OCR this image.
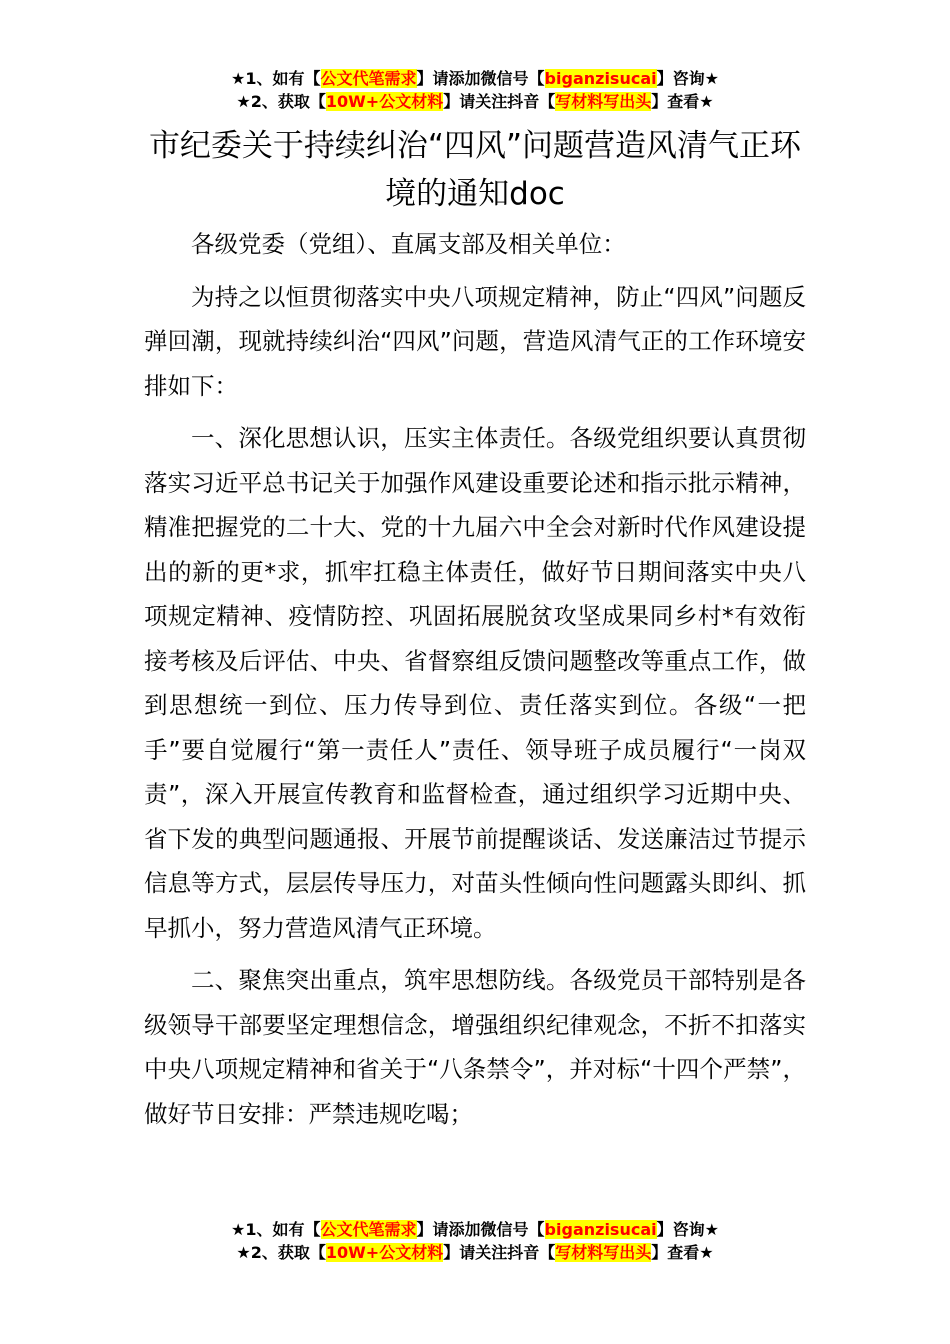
★1、如有【公文代笔需求】请添加微信号【biganzisucai】咨询★
★2、获取【10W+公文材料】请关注抖音【写材料写出头】查看★
市纪委关于持续纠治“四风”问题营造风清气正环境的通知doc

各级党委（党组）、直属支部及相关单位：

为持之以恒贯彻落实中央八项规定精神，防止“四风”问题反弹回潮，现就持续纠治“四风”问题，营造风清气正的工作环境安排如下：

一、深化思想认识，压实主体责任。各级党组织要认真贯彻落实习近平总书记关于加强作风建设重要论述和指示批示精神，精准把握党的二十大、党的十九届六中全会对新时代作风建设提出的新的更*求，抓牢扛稳主体责任，做好节日期间落实中央八项规定精神、疫情防控、巩固拓展脱贫攻坚成果同乡村*有效衔接考核及后评估、中央、省督察组反馈问题整改等重点工作，做到思想统一到位、压力传导到位、责任落实到位。各级“一把手”要自觉履行“第一责任人”责任、领导班子成员履行“一岗双责”，深入开展宣传教育和监督检查，通过组织学习近期中央、省下发的典型问题通报、开展节前提醒谈话、发送廉洁过节提示信息等方式，层层传导压力，对苗头性倾向性问题露头即纠、抓早抓小，努力营造风清气正环境。

二、聚焦突出重点，筑牢思想防线。各级党员干部特别是各级领导干部要坚定理想信念，增强组织纪律观念，不折不扣落实中央八项规定精神和省关于“八条禁令”，并对标“十四个严禁”，做好节日安排：严禁违规吃喝；

★1、如有【公文代笔需求】请添加微信号【biganzisucai】咨询★
★2、获取【10W+公文材料】请关注抖音【写材料写出头】查看★
